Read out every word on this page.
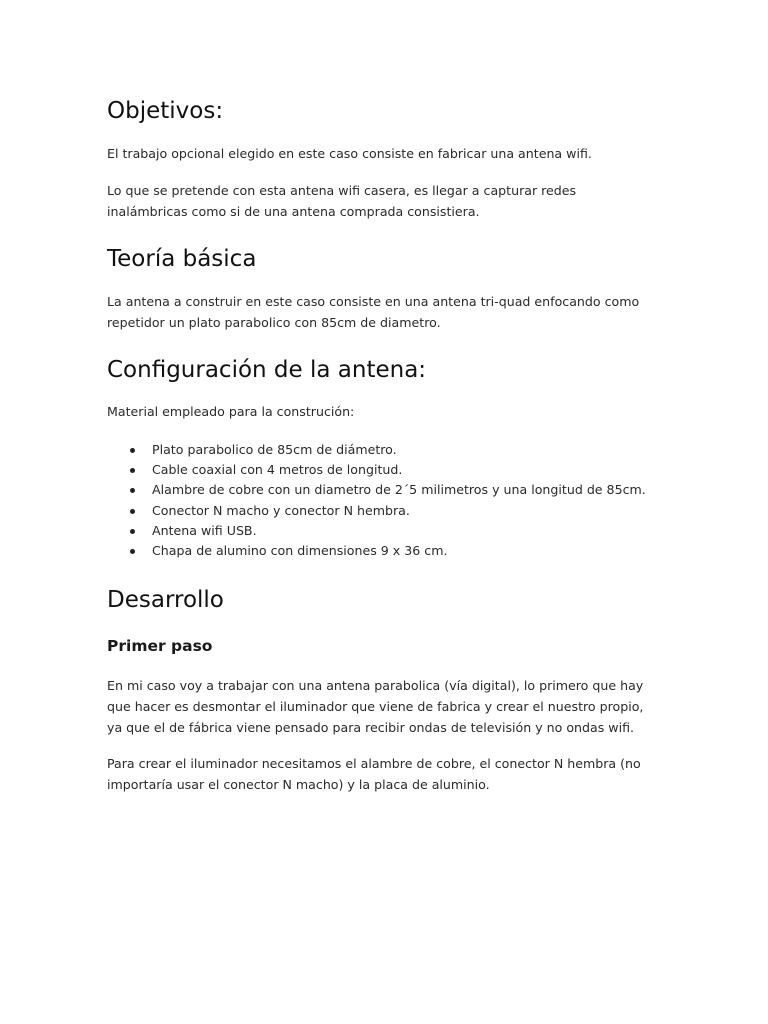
Objetivos:

El trabajo opcional elegido en este caso consiste en fabricar una antena wifi.

Lo que se pretende con esta antena wifi casera, es llegar a capturar redes
inalámbricas como si de una antena comprada consistiera.

Teoría básica

La antena a construir en este caso consiste en una antena tri-quad enfocando como
repetidor un plato parabolico con 85cm de diametro.

Configuración de la antena:

Material empleado para la construción:

Plato parabolico de 85cm de diámetro.
Cable coaxial con 4 metros de longitud.
Alambre de cobre con un diametro de 2´5 milimetros y una longitud de 85cm.
Conector N macho y conector N hembra.
Antena wifi USB.
Chapa de alumino con dimensiones 9 x 36 cm.
Desarrollo
Primer paso

En mi caso voy a trabajar con una antena parabolica (vía digital), lo primero que hay
que hacer es desmontar el iluminador que viene de fabrica y crear el nuestro propio,
ya que el de fábrica viene pensado para recibir ondas de televisión y no ondas wifi.

Para crear el iluminador necesitamos el alambre de cobre, el conector N hembra (no
importaría usar el conector N macho) y la placa de aluminio.
